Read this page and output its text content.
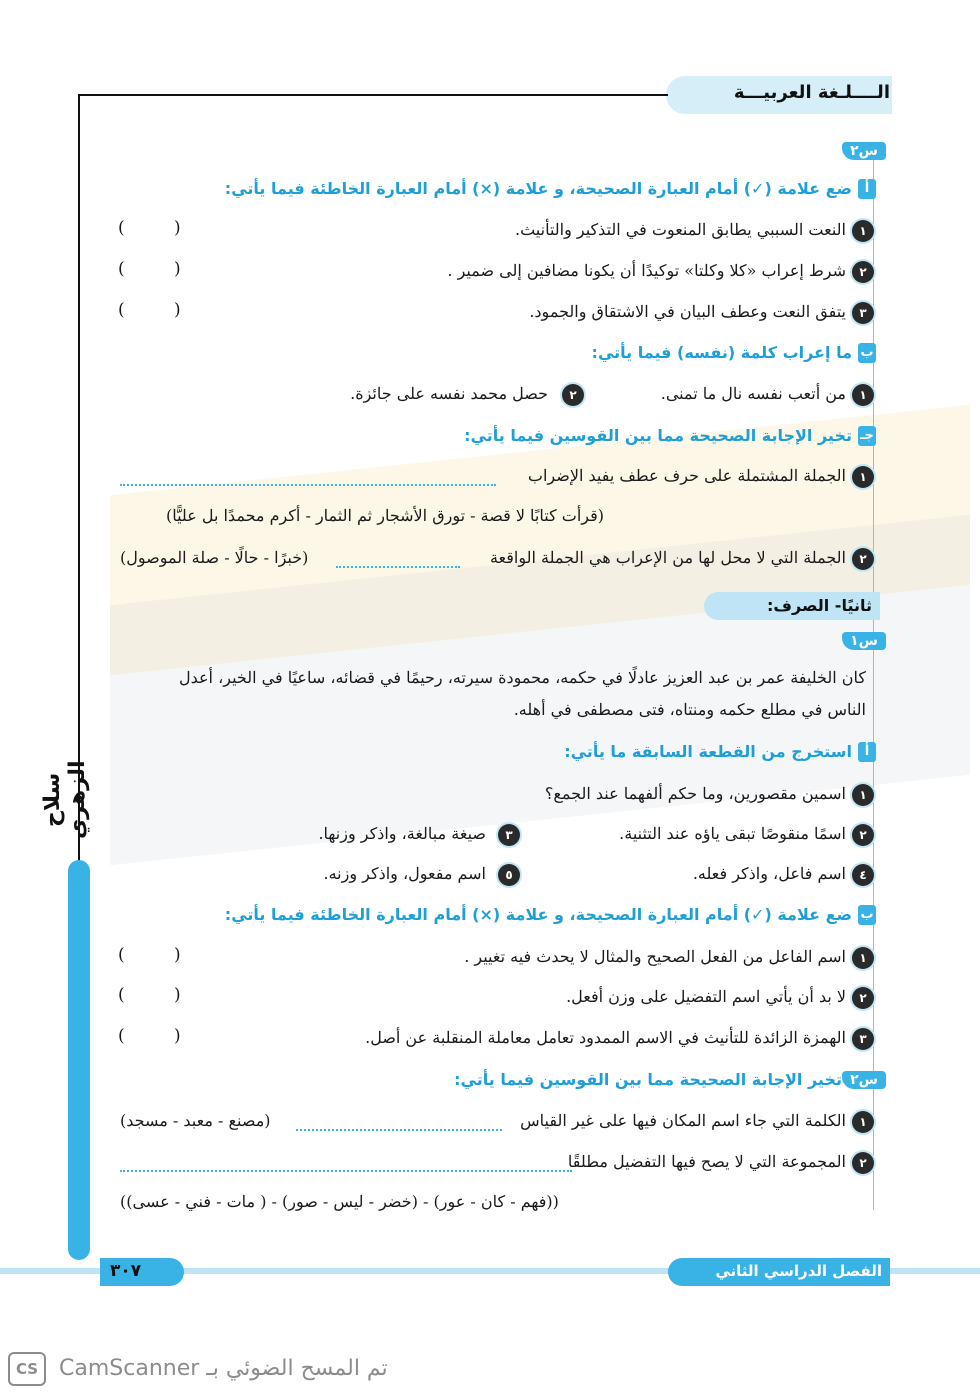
الــــلـغة العربيـــة
سلاح الزهري
س٢
أ
ضع علامة (✓) أمام العبارة الصحيحة، و علامة (×) أمام العبارة الخاطئة فيما يأتي:
١
النعت السببي يطابق المنعوت في التذكير والتأنيث.
( )
٢
شرط إعراب «كلا وكلتا» توكيدًا أن يكونا مضافين إلى ضمير .
( )
٣
يتفق النعت وعطف البيان في الاشتقاق والجمود.
( )
ب
ما إعراب كلمة (نفسه) فيما يأتي:
١
من أتعب نفسه نال ما تمنى.
٢
حصل محمد نفسه على جائزة.
جـ
تخير الإجابة الصحيحة مما بين القوسين فيما يأتي:
١
الجملة المشتملة على حرف عطف يفيد الإضراب
(قرأت كتابًا لا قصة - تورق الأشجار ثم الثمار - أكرم محمدًا بل عليًّا)
٢
الجملة التي لا محل لها من الإعراب هي الجملة الواقعة
(خبرًا - حالًا - صلة الموصول)
ثانيًا- الصرف:
س١
كان الخليفة عمر بن عبد العزيز عادلًا في حكمه، محمودة سيرته، رحيمًا في قضائه، ساعيًا في الخير، أعدل
الناس في مطلع حكمه ومنتاه، فتى مصطفى في أهله.
أ
استخرج من القطعة السابقة ما يأتي:
١
اسمين مقصورين، وما حكم ألفهما عند الجمع؟
٢
اسمًا منقوصًا تبقى ياؤه عند التثنية.
٣
صيغة مبالغة، واذكر وزنها.
٤
اسم فاعل، واذكر فعله.
٥
اسم مفعول، واذكر وزنه.
ب
ضع علامة (✓) أمام العبارة الصحيحة، و علامة (×) أمام العبارة الخاطئة فيما يأتي:
١
اسم الفاعل من الفعل الصحيح والمثال لا يحدث فيه تغيير .
( )
٢
لا بد أن يأتي اسم التفضيل على وزن أفعل.
( )
٣
الهمزة الزائدة للتأنيث في الاسم الممدود تعامل معاملة المنقلبة عن أصل.
( )
س٢
تخير الإجابة الصحيحة مما بين القوسين فيما يأتي:
١
الكلمة التي جاء اسم المكان فيها على غير القياس
(مصنع - معبد - مسجد)
٢
المجموعة التي لا يصح فيها التفضيل مطلقًا
((فهم - كان - عور) - (خضر - ليس - صور) - ( مات - فني - عسى))
الفصل الدراسي الثاني
٣٠٧
CS تم المسح الضوئي بـ CamScanner
